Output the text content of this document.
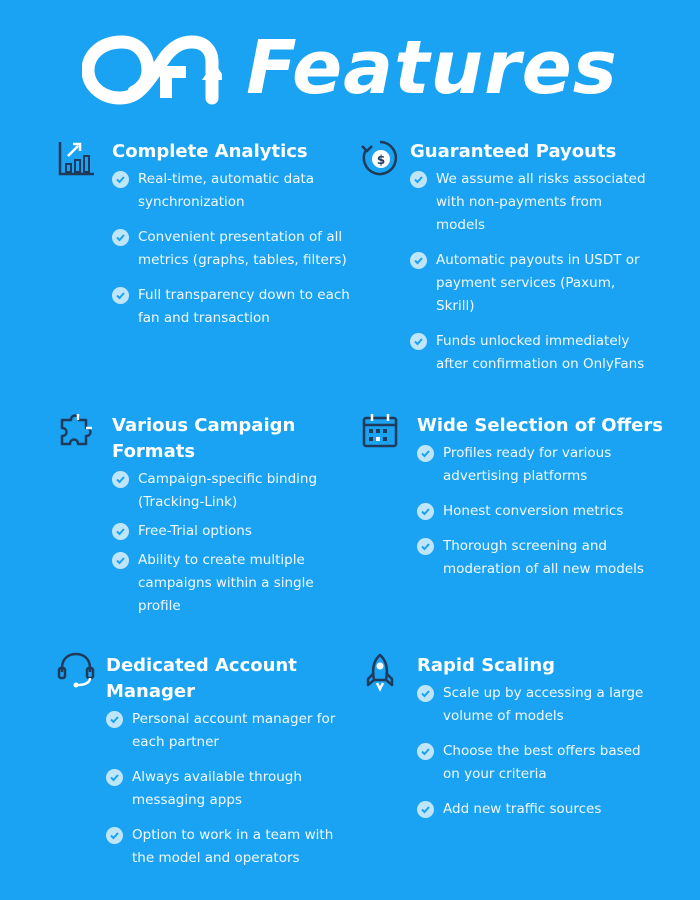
Features
Complete Analytics
Real-time, automatic data synchronization
Convenient presentation of all metrics (graphs, tables, filters)
Full transparency down to each fan and transaction
$ Guaranteed Payouts
We assume all risks associated with non-payments from models
Automatic payouts in USDT or payment services (Paxum, Skrill)
Funds unlocked immediately after confirmation on OnlyFans
Various Campaign Formats
Campaign-specific binding (Tracking-Link)
Free-Trial options
Ability to create multiple campaigns within a single profile
Wide Selection of Offers
Profiles ready for various advertising platforms
Honest conversion metrics
Thorough screening and moderation of all new models
Dedicated Account Manager
Personal account manager for each partner
Always available through messaging apps
Option to work in a team with the model and operators
Rapid Scaling
Scale up by accessing a large volume of models
Choose the best offers based on your criteria
Add new traffic sources
